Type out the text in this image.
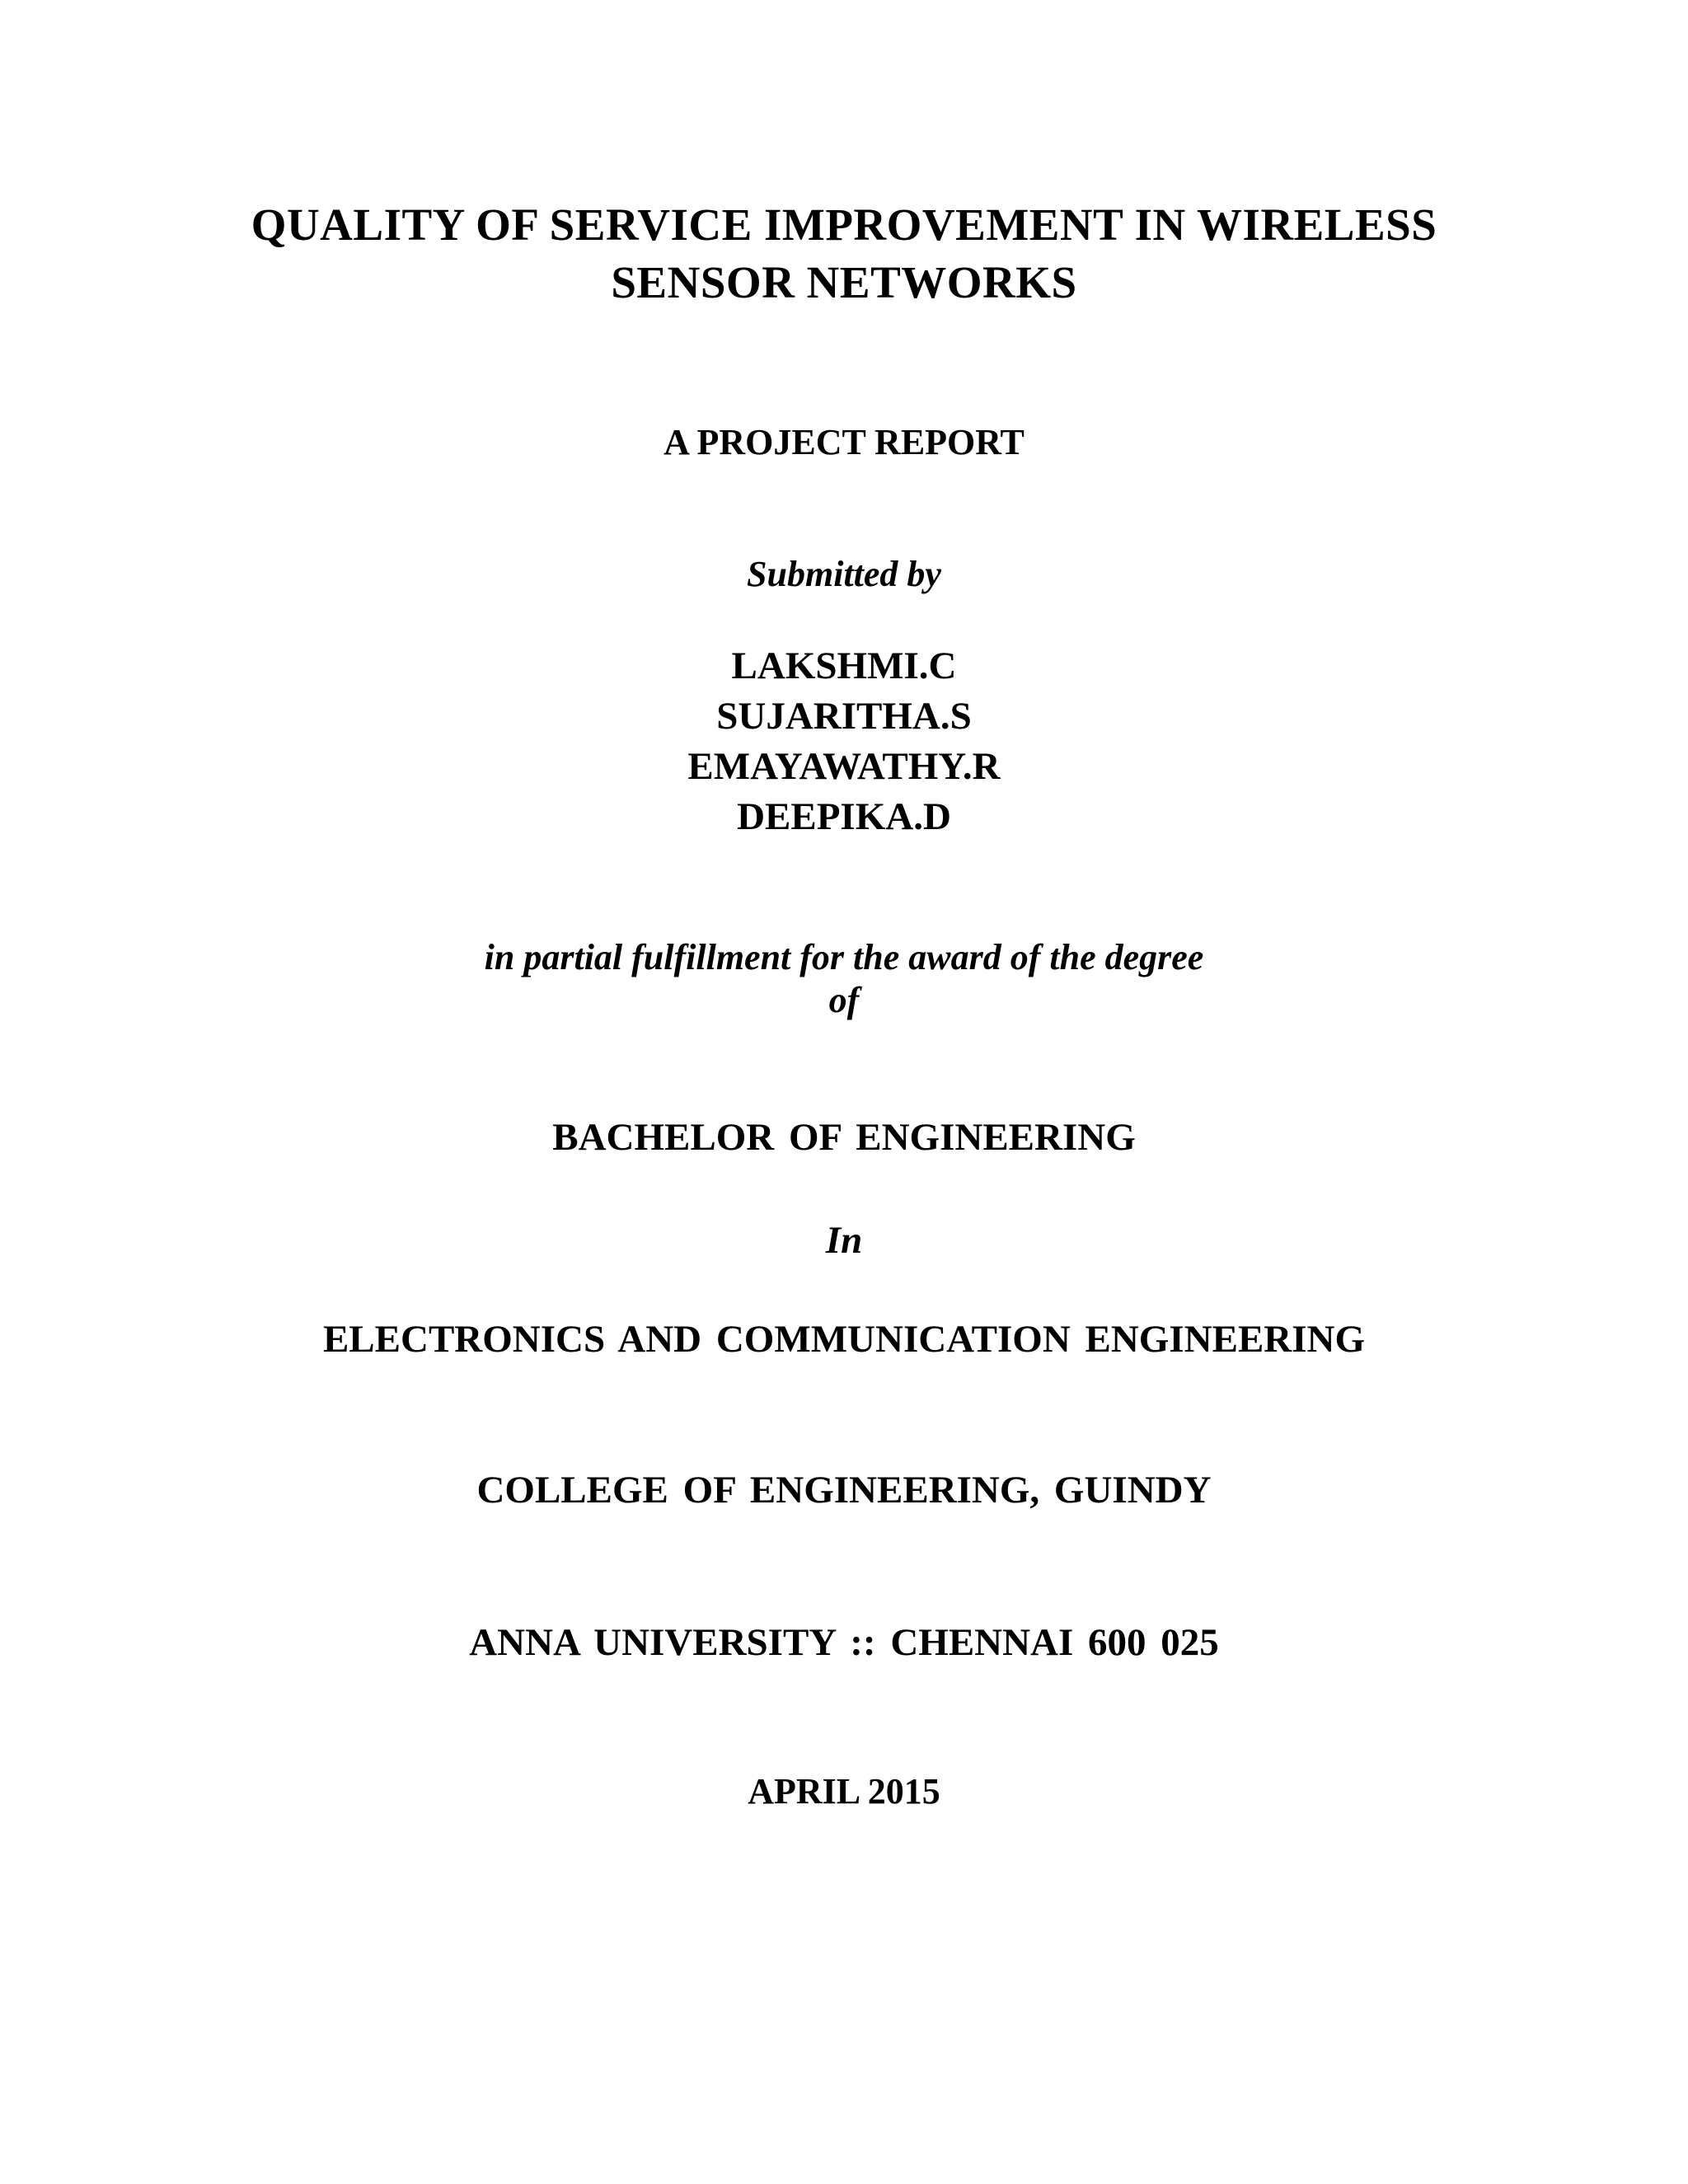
QUALITY OF SERVICE IMPROVEMENT IN WIRELESS

SENSOR NETWORKS

A PROJECT REPORT

Submitted by

LAKSHMI.C

SUJARITHA.S

EMAYAWATHY.R

DEEPIKA.D

in partial fulfillment for the award of the degree

of

BACHELOR OF ENGINEERING

In

ELECTRONICS AND COMMUNICATION ENGINEERING

COLLEGE OF ENGINEERING, GUINDY

ANNA UNIVERSITY :: CHENNAI 600 025

APRIL 2015
